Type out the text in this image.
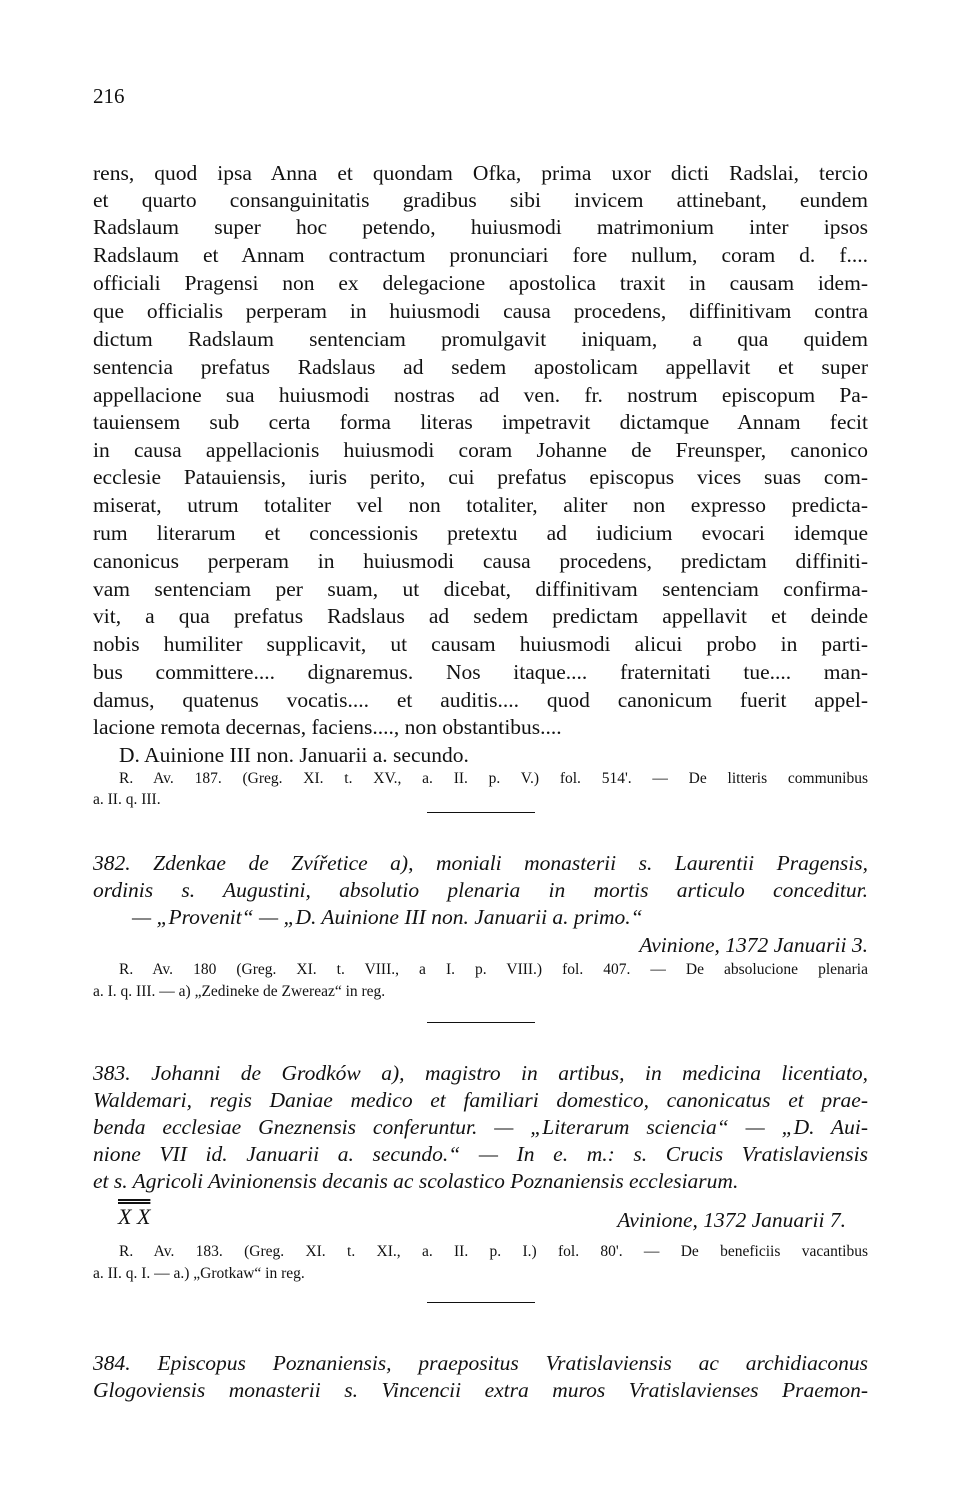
216
rens, quod ipsa Anna et quondam Ofka, prima uxor dicti Radslai, tercio
et quarto consanguinitatis gradibus sibi invicem attinebant, eundem
Radslaum super hoc petendo, huiusmodi matrimonium inter ipsos
Radslaum et Annam contractum pronunciari fore nullum, coram d. f....
officiali Pragensi non ex delegacione apostolica traxit in causam idem-
que officialis perperam in huiusmodi causa procedens, diffinitivam contra
dictum Radslaum sentenciam promulgavit iniquam, a qua quidem
sentencia prefatus Radslaus ad sedem apostolicam appellavit et super
appellacione sua huiusmodi nostras ad ven. fr. nostrum episcopum Pa-
tauiensem sub certa forma literas impetravit dictamque Annam fecit
in causa appellacionis huiusmodi coram Johanne de Freunsper, canonico
ecclesie Patauiensis, iuris perito, cui prefatus episcopus vices suas com-
miserat, utrum totaliter vel non totaliter, aliter non expresso predicta-
rum literarum et concessionis pretextu ad iudicium evocari idemque
canonicus perperam in huiusmodi causa procedens, predictam diffiniti-
vam sentenciam per suam, ut dicebat, diffinitivam sentenciam confirma-
vit, a qua prefatus Radslaus ad sedem predictam appellavit et deinde
nobis humiliter supplicavit, ut causam huiusmodi alicui probo in parti-
bus committere.... dignaremus. Nos itaque.... fraternitati tue.... man-
damus, quatenus vocatis.... et auditis.... quod canonicum fuerit appel-
lacione remota decernas, faciens...., non obstantibus....
D. Auinione III non. Januarii a. secundo.
R. Av. 187. (Greg. XI. t. XV., a. II. p. V.) fol. 514'. — De litteris communibus
a. II. q. III.
382. Zdenkae de Zvířetice a), moniali monasterii s. Laurentii Pragensis,
ordinis s. Augustini, absolutio plenaria in mortis articulo conceditur.
— „Provenit“ — „D. Auinione III non. Januarii a. primo.“
Avinione, 1372 Januarii 3.
R. Av. 180 (Greg. XI. t. VIII., a I. p. VIII.) fol. 407. — De absolucione plenaria
a. I. q. III. — a) „Zedineke de Zwereaz“ in reg.
383. Johanni de Grodków a), magistro in artibus, in medicina licentiato,
Waldemari, regis Daniae medico et familiari domestico, canonicatus et prae-
benda ecclesiae Gneznensis conferuntur. — „Literarum sciencia“ — „D. Aui-
nione VII id. Januarii a. secundo.“ — In e. m.: s. Crucis Vratislaviensis
et s. Agricoli Avinionensis decanis ac scolastico Poznaniensis ecclesiarum.
X X	Avinione, 1372 Januarii 7.
R. Av. 183. (Greg. XI. t. XI., a. II. p. I.) fol. 80'. — De beneficiis vacantibus
a. II. q. I. — a.) „Grotkaw“ in reg.
384. Episcopus Poznaniensis, praepositus Vratislaviensis ac archidiaconus
Glogoviensis monasterii s. Vincencii extra muros Vratislavienses Praemon-
